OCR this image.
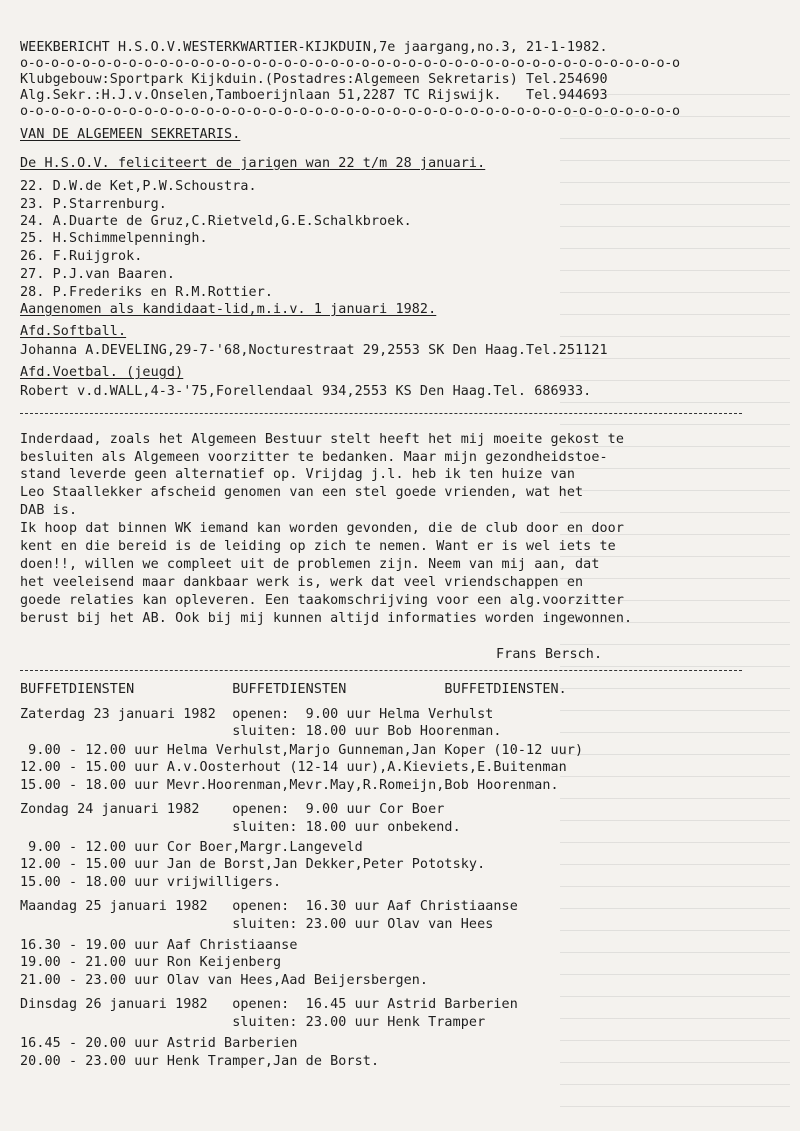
WEEKBERICHT H.S.O.V.WESTERKWARTIER-KIJKDUIN,7e jaargang,no.3, 21-1-1982.
o-o-o-o-o-o-o-o-o-o-o-o-o-o-o-o-o-o-o-o-o-o-o-o-o-o-o-o-o-o-o-o-o-o-o-o-o-o-o-o-o-o-o
Klubgebouw:Sportpark Kijkduin.(Postadres:Algemeen Sekretaris) Tel.254690
Alg.Sekr.:H.J.v.Onselen,Tamboerijnlaan 51,2287 TC Rijswijk.   Tel.944693
o-o-o-o-o-o-o-o-o-o-o-o-o-o-o-o-o-o-o-o-o-o-o-o-o-o-o-o-o-o-o-o-o-o-o-o-o-o-o-o-o-o-o
VAN DE ALGEMEEN SEKRETARIS.
De H.S.O.V. feliciteert de jarigen wan 22 t/m 28 januari.
22. D.W.de Ket,P.W.Schoustra.
23. P.Starrenburg.
24. A.Duarte de Gruz,C.Rietveld,G.E.Schalkbroek.
25. H.Schimmelpenningh.
26. F.Ruijgrok.
27. P.J.van Baaren.
28. P.Frederiks en R.M.Rottier.
Aangenomen als kandidaat-lid,m.i.v. 1 januari 1982.
Afd.Softball.
Johanna A.DEVELING,29-7-'68,Nocturestraat 29,2553 SK Den Haag.Tel.251121
Afd.Voetbal. (jeugd)
Robert v.d.WALL,4-3-'75,Forellendaal 934,2553 KS Den Haag.Tel. 686933.
Inderdaad, zoals het Algemeen Bestuur stelt heeft het mij moeite gekost te
besluiten als Algemeen voorzitter te bedanken. Maar mijn gezondheidstoe-
stand leverde geen alternatief op. Vrijdag j.l. heb ik ten huize van
Leo Staallekker afscheid genomen van een stel goede vrienden, wat het
DAB is.
Ik hoop dat binnen WK iemand kan worden gevonden, die de club door en door
kent en die bereid is de leiding op zich te nemen. Want er is wel iets te
doen!!, willen we compleet uit de problemen zijn. Neem van mij aan, dat
het veeleisend maar dankbaar werk is, werk dat veel vriendschappen en
goede relaties kan opleveren. Een taakomschrijving voor een alg.voorzitter
berust bij het AB. Ook bij mij kunnen altijd informaties worden ingewonnen.
Frans Bersch.
BUFFETDIENSTEN            BUFFETDIENSTEN            BUFFETDIENSTEN.
Zaterdag 23 januari 1982  openen:  9.00 uur Helma Verhulst
sluiten: 18.00 uur Bob Hoorenman.
9.00 - 12.00 uur Helma Verhulst,Marjo Gunneman,Jan Koper (10-12 uur)
12.00 - 15.00 uur A.v.Oosterhout (12-14 uur),A.Kieviets,E.Buitenman
15.00 - 18.00 uur Mevr.Hoorenman,Mevr.May,R.Romeijn,Bob Hoorenman.
Zondag 24 januari 1982    openen:  9.00 uur Cor Boer
sluiten: 18.00 uur onbekend.
9.00 - 12.00 uur Cor Boer,Margr.Langeveld
12.00 - 15.00 uur Jan de Borst,Jan Dekker,Peter Pototsky.
15.00 - 18.00 uur vrijwilligers.
Maandag 25 januari 1982   openen:  16.30 uur Aaf Christiaanse
sluiten: 23.00 uur Olav van Hees
16.30 - 19.00 uur Aaf Christiaanse
19.00 - 21.00 uur Ron Keijenberg
21.00 - 23.00 uur Olav van Hees,Aad Beijersbergen.
Dinsdag 26 januari 1982   openen:  16.45 uur Astrid Barberien
sluiten: 23.00 uur Henk Tramper
16.45 - 20.00 uur Astrid Barberien
20.00 - 23.00 uur Henk Tramper,Jan de Borst.
